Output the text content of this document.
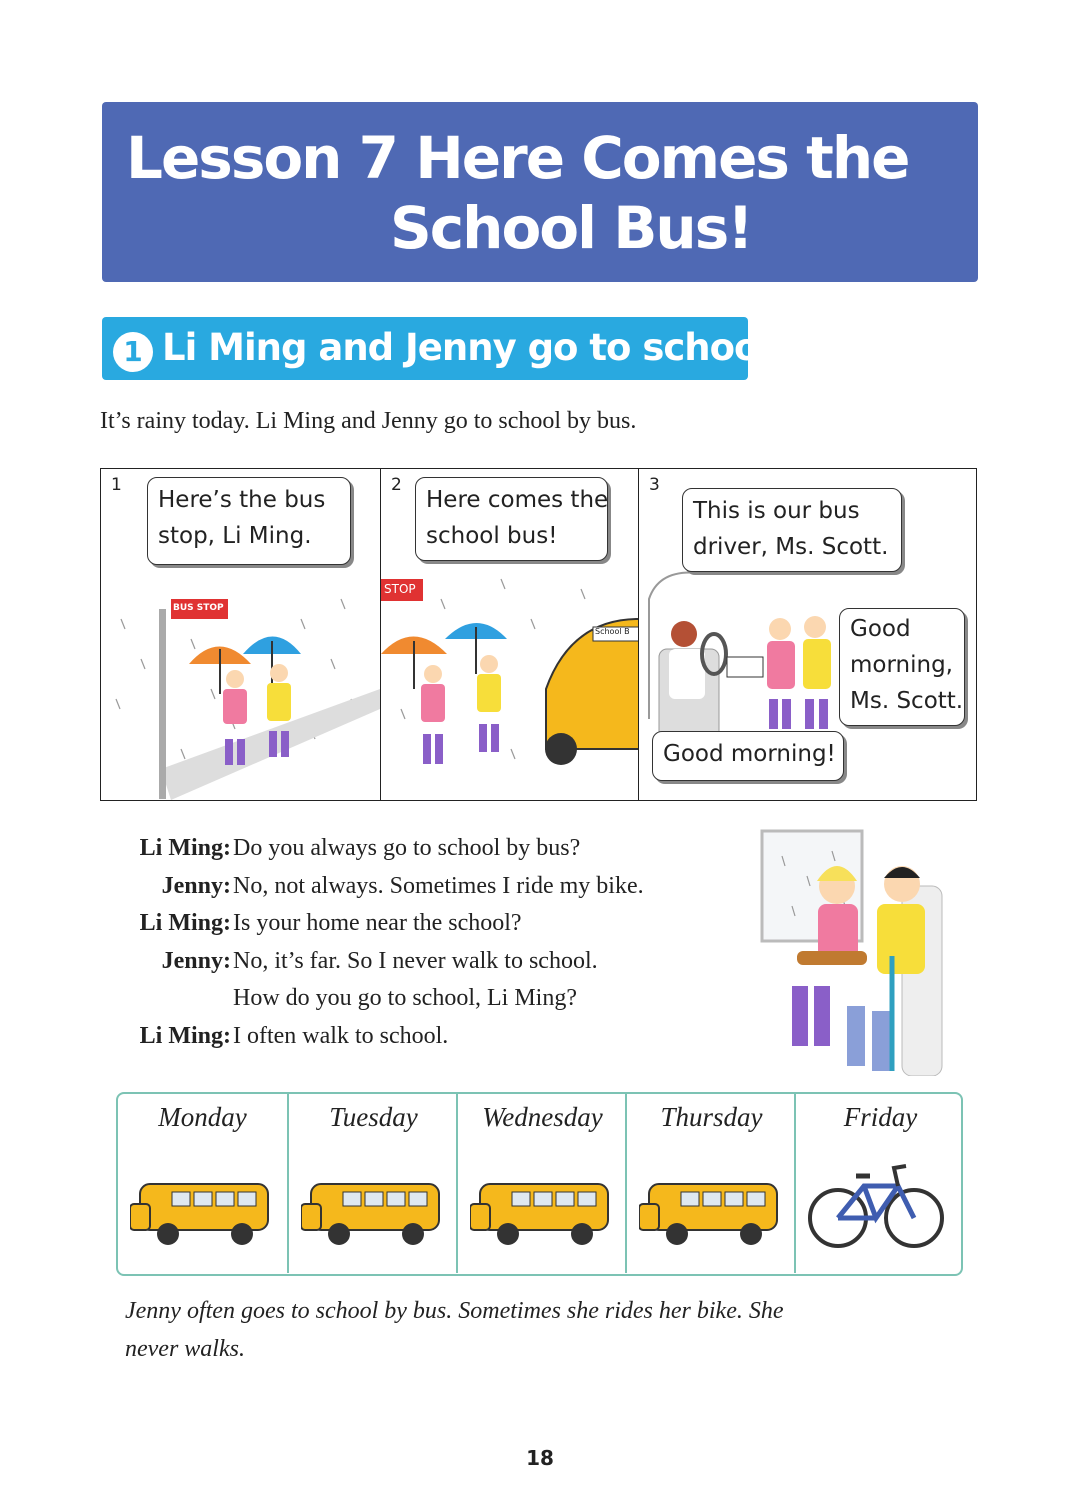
Lesson 7 Here Comes the
School Bus!
1 Li Ming and Jenny go to school
It’s rainy today. Li Ming and Jenny go to school by bus.
1
Here’s the bus
stop, Li Ming.
BUS STOP
2
Here comes the
school bus!
STOP
School B
3
This is our bus
driver, Ms. Scott.
Good
morning,
Ms. Scott.
Good morning!
Li Ming: Do you always go to school by bus?
Jenny: No, not always. Sometimes I ride my bike.
Li Ming: Is your home near the school?
Jenny: No, it’s far. So I never walk to school.
How do you go to school, Li Ming?
Li Ming: I often walk to school.
Monday	Tuesday	Wednesday	Thursday	Friday
Jenny often goes to school by bus. Sometimes she rides her bike. She
never walks.
18
